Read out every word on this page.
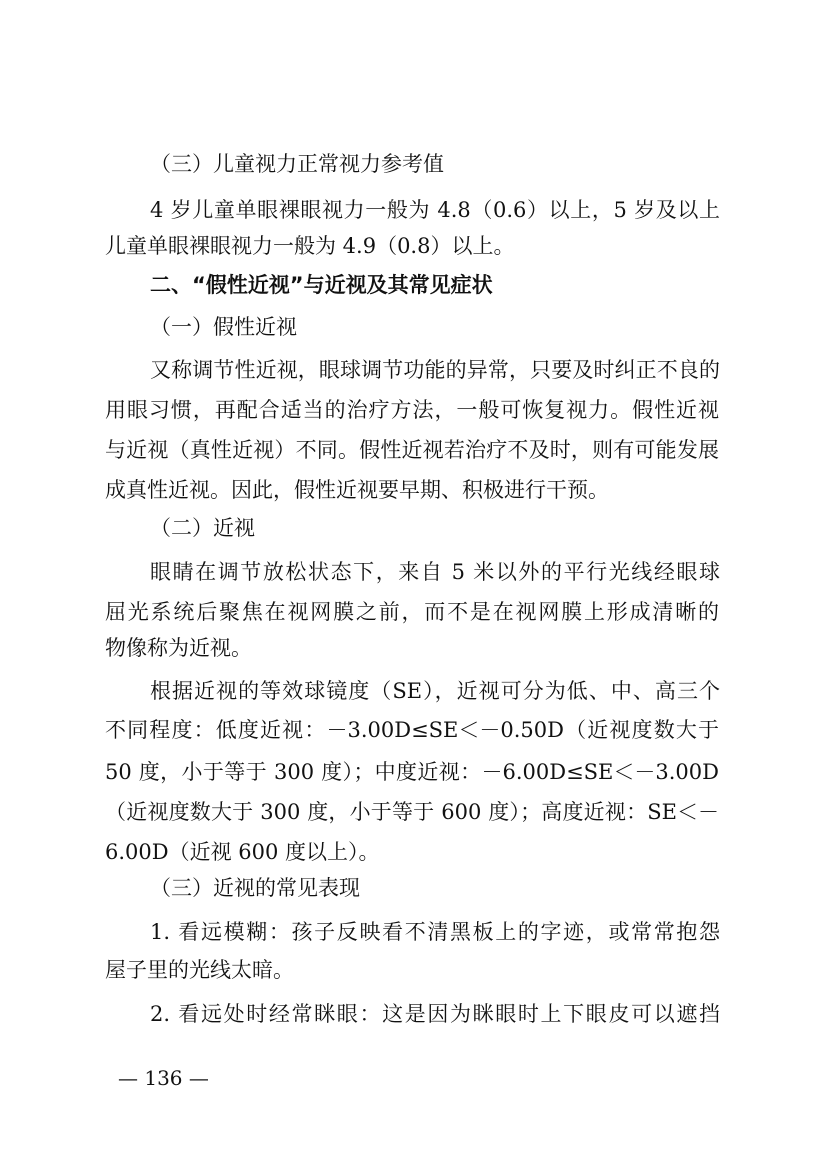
（三）儿童视力正常视力参考值
4 岁儿童单眼裸眼视力一般为 4.8（0.6）以上，5 岁及以上
儿童单眼裸眼视力一般为 4.9（0.8）以上。
二、“假性近视”与近视及其常见症状
（一）假性近视
又称调节性近视，眼球调节功能的异常，只要及时纠正不良的
用眼习惯，再配合适当的治疗方法，一般可恢复视力。假性近视
与近视（真性近视）不同。假性近视若治疗不及时，则有可能发展
成真性近视。因此，假性近视要早期、积极进行干预。
（二）近视
眼睛在调节放松状态下，来自 5 米以外的平行光线经眼球
屈光系统后聚焦在视网膜之前，而不是在视网膜上形成清晰的
物像称为近视。
根据近视的等效球镜度（SE），近视可分为低、中、高三个
不同程度：低度近视：－3.00D≤SE＜－0.50D（近视度数大于
50 度，小于等于 300 度）；中度近视：－6.00D≤SE＜－3.00D
（近视度数大于 300 度，小于等于 600 度）；高度近视：SE＜－
6.00D（近视 600 度以上）。
（三）近视的常见表现
1. 看远模糊：孩子反映看不清黑板上的字迹，或常常抱怨
屋子里的光线太暗。
2. 看远处时经常眯眼：这是因为眯眼时上下眼皮可以遮挡
— 136 —
